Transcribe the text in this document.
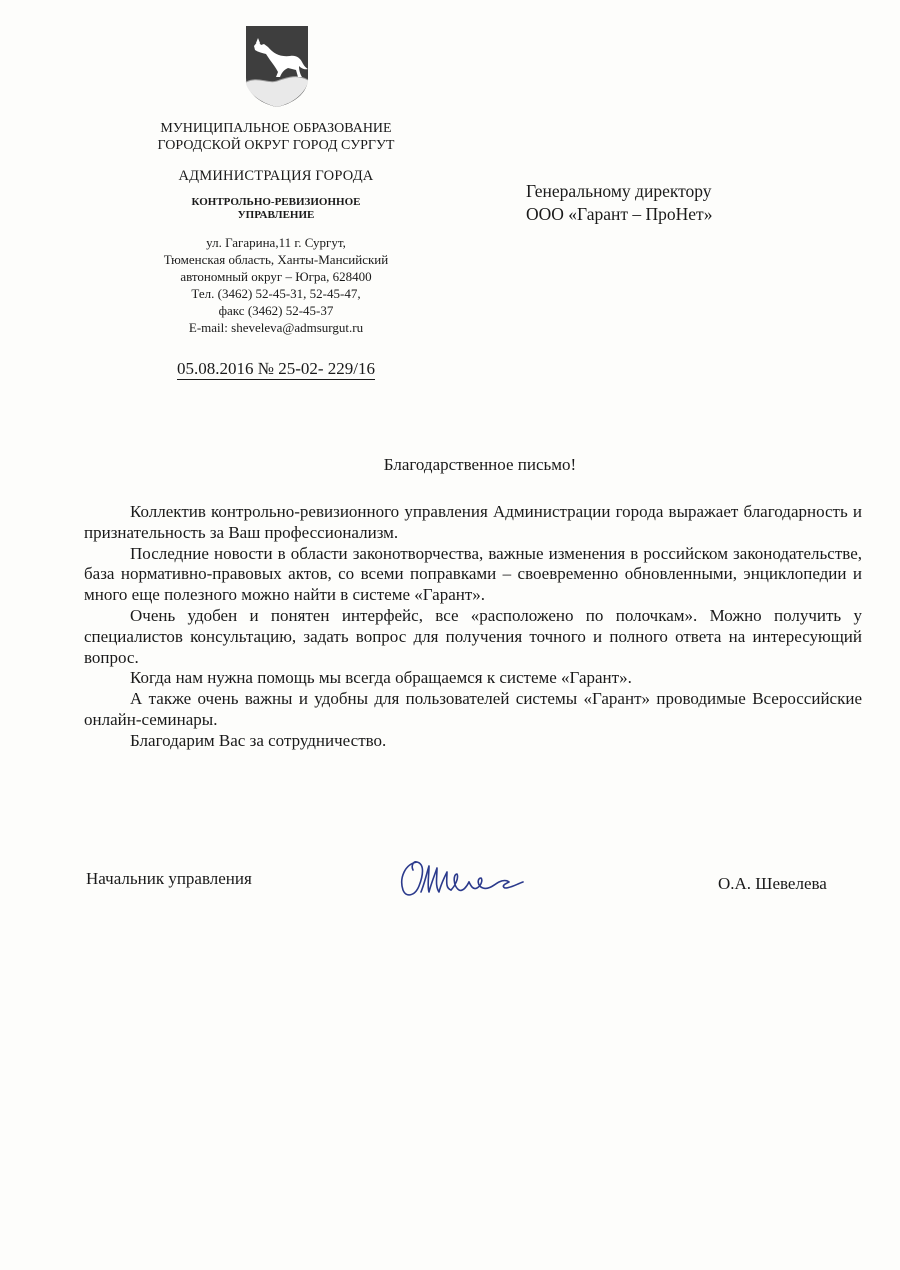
МУНИЦИПАЛЬНОЕ ОБРАЗОВАНИЕ
ГОРОДСКОЙ ОКРУГ ГОРОД СУРГУТ
АДМИНИСТРАЦИЯ ГОРОДА
КОНТРОЛЬНО-РЕВИЗИОННОЕ
УПРАВЛЕНИЕ
ул. Гагарина,11 г. Сургут,
Тюменская область, Ханты-Мансийский
автономный округ – Югра, 628400
Тел. (3462) 52-45-31, 52-45-47,
факс (3462) 52-45-37
E-mail: sheveleva@admsurgut.ru
05.08.2016 № 25-02- 229/16
Генеральному директору
ООО «Гарант – ПроНет»
Благодарственное письмо!

Коллектив контрольно-ревизионного управления Администрации города выражает благодарность и признательность за Ваш профессионализм.

Последние новости в области законотворчества, важные изменения в российском законодательстве, база нормативно-правовых актов, со всеми поправками – своевременно обновленными, энциклопедии и много еще полезного можно найти в системе «Гарант».

Очень удобен и понятен интерфейс, все «расположено по полочкам». Можно получить у специалистов консультацию, задать вопрос для получения точного и полного ответа на интересующий вопрос.

Когда нам нужна помощь мы всегда обращаемся к системе «Гарант».

А также очень важны и удобны для пользователей системы «Гарант» проводимые Всероссийские онлайн-семинары.

Благодарим Вас за сотрудничество.

Начальник управления	О.А. Шевелева
